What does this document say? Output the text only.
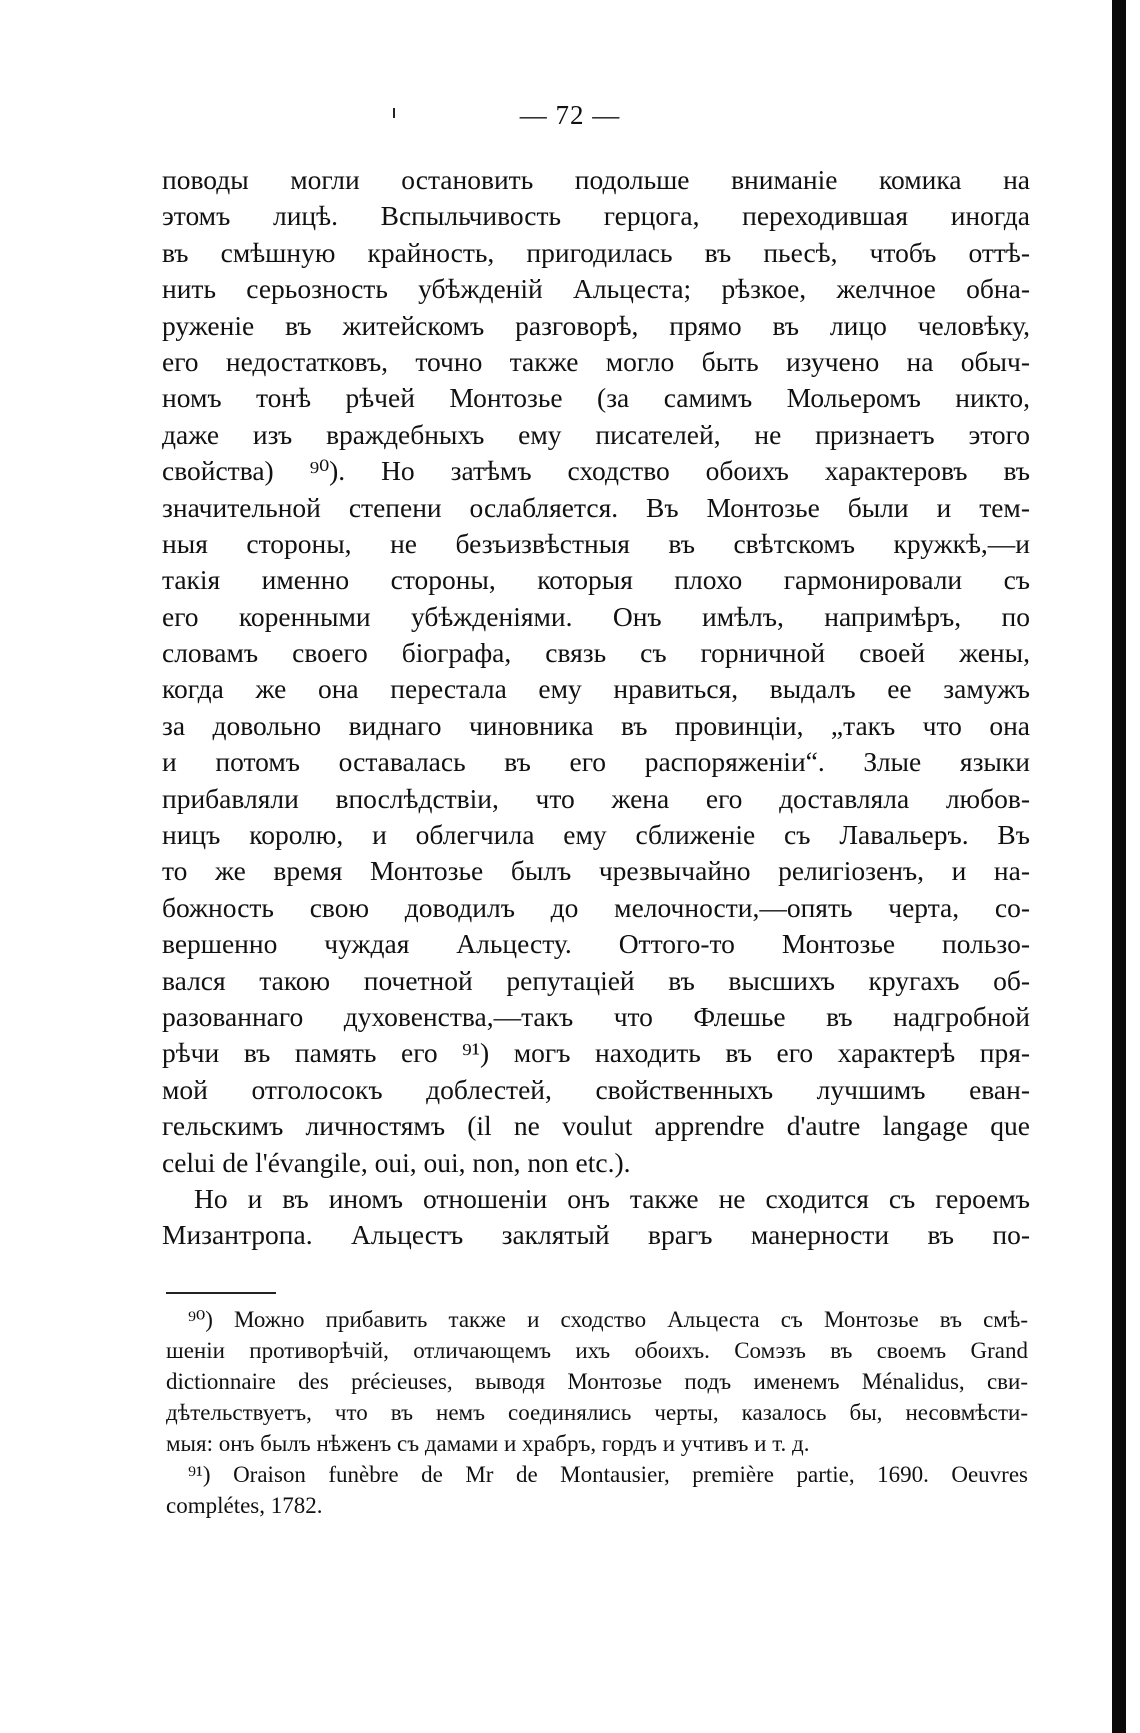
— 72 —
поводы могли остановить подольше вниманіе комика на
этомъ лицѣ. Вспыльчивость герцога, переходившая иногда
въ смѣшную крайность, пригодилась въ пьесѣ, чтобъ оттѣ-
нить серьозность убѣжденій Альцеста; рѣзкое, желчное обна-
руженіе въ житейскомъ разговорѣ, прямо въ лицо человѣку,
его недостатковъ, точно также могло быть изучено на обыч-
номъ тонѣ рѣчей Монтозье (за самимъ Мольеромъ никто,
даже изъ враждебныхъ ему писателей, не признаетъ этого
свойства) ⁹⁰). Но затѣмъ сходство обоихъ характеровъ въ
значительной степени ослабляется. Въ Монтозье были и тем-
ныя стороны, не безъизвѣстныя въ свѣтскомъ кружкѣ,—и
такія именно стороны, которыя плохо гармонировали съ
его коренными убѣжденіями. Онъ имѣлъ, напримѣръ, по
словамъ своего біографа, связь съ горничной своей жены,
когда же она перестала ему нравиться, выдалъ ее замужъ
за довольно виднаго чиновника въ провинціи, „такъ что она
и потомъ оставалась въ его распоряженіи“. Злые языки
прибавляли впослѣдствіи, что жена его доставляла любов-
ницъ королю, и облегчила ему сближеніе съ Лавальеръ. Въ
то же время Монтозье былъ чрезвычайно религіозенъ, и на-
божность свою доводилъ до мелочности,—опять черта, со-
вершенно чуждая Альцесту. Оттого-то Монтозье пользо-
вался такою почетной репутаціей въ высшихъ кругахъ об-
разованнаго духовенства,—такъ что Флешье въ надгробной
рѣчи въ память его ⁹¹) могъ находить въ его характерѣ пря-
мой отголосокъ доблестей, свойственныхъ лучшимъ еван-
гельскимъ личностямъ (il ne voulut apprendre d'autre langage que
celui de l'évangile, oui, oui, non, non etc.).
Но и въ иномъ отношеніи онъ также не сходится съ героемъ
Мизантропа. Альцестъ заклятый врагъ манерности въ по-
⁹⁰) Можно прибавить также и сходство Альцеста съ Монтозье въ смѣ-
шеніи противорѣчій, отличающемъ ихъ обоихъ. Сомэзъ въ своемъ Grand
dictionnaire des précieuses, выводя Монтозье подъ именемъ Ménalidus, сви-
дѣтельствуетъ, что въ немъ соединялись черты, казалось бы, несовмѣсти-
мыя: онъ былъ нѣженъ съ дамами и храбръ, гордъ и учтивъ и т. д.
⁹¹) Oraison funèbre de Mr de Montausier, première partie, 1690. Oeuvres
complétes, 1782.
